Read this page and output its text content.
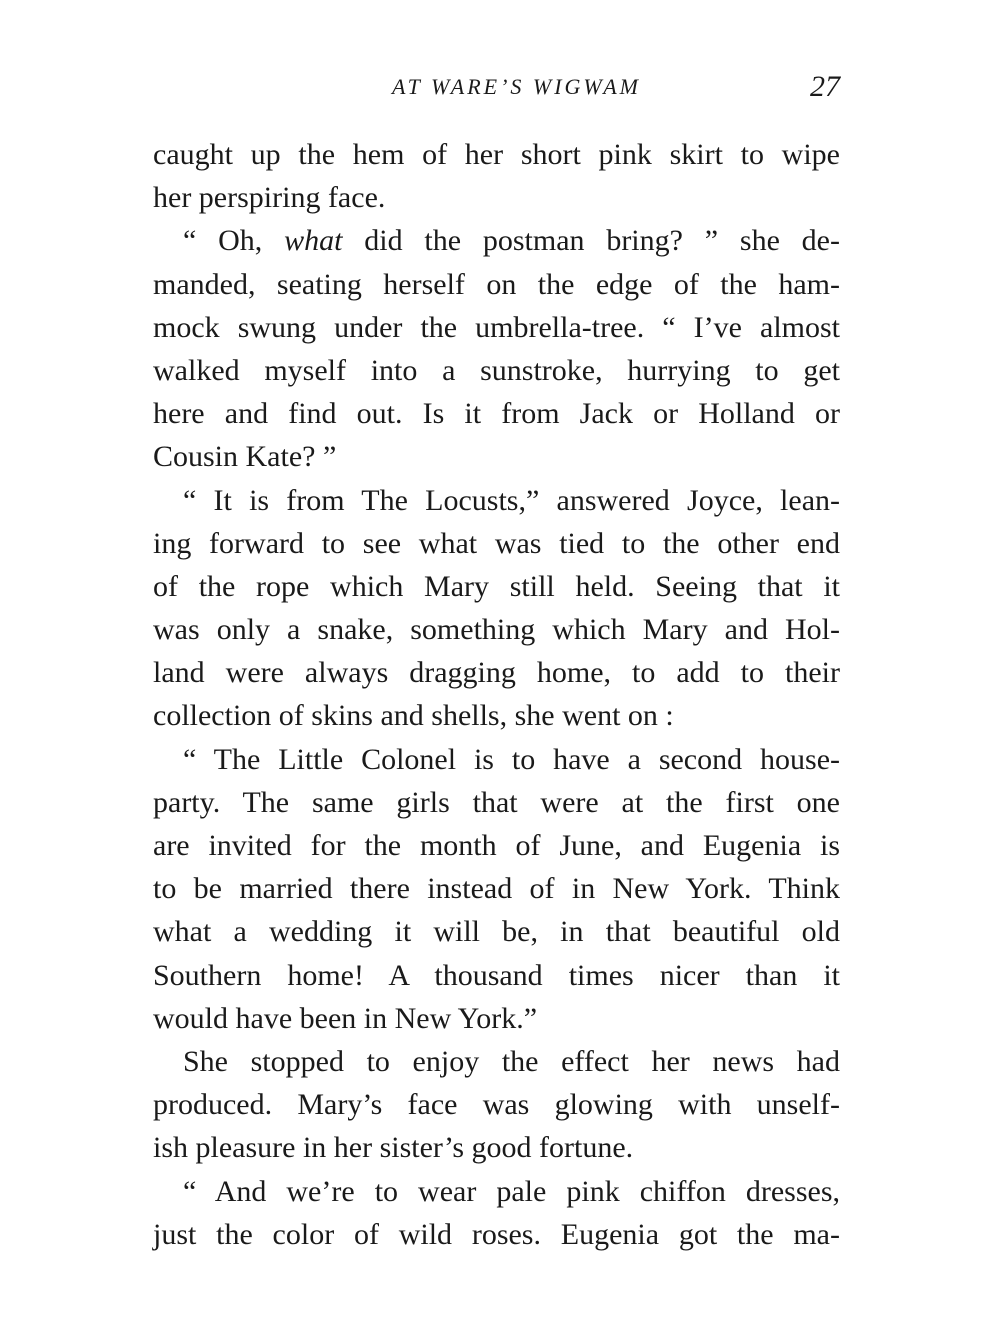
AT WARE’S WIGWAM	27
caught up the hem of her short pink skirt to wipe
her perspiring face.
“ Oh, what did the postman bring? ” she de-
manded, seating herself on the edge of the ham-
mock swung under the umbrella-tree. “ I’ve almost
walked myself into a sunstroke, hurrying to get
here and find out. Is it from Jack or Holland or
Cousin Kate? ”
“ It is from The Locusts,” answered Joyce, lean-
ing forward to see what was tied to the other end
of the rope which Mary still held. Seeing that it
was only a snake, something which Mary and Hol-
land were always dragging home, to add to their
collection of skins and shells, she went on :
“ The Little Colonel is to have a second house-
party. The same girls that were at the first one
are invited for the month of June, and Eugenia is
to be married there instead of in New York. Think
what a wedding it will be, in that beautiful old
Southern home! A thousand times nicer than it
would have been in New York.”
She stopped to enjoy the effect her news had
produced. Mary’s face was glowing with unself-
ish pleasure in her sister’s good fortune.
“ And we’re to wear pale pink chiffon dresses,
just the color of wild roses. Eugenia got the ma-
